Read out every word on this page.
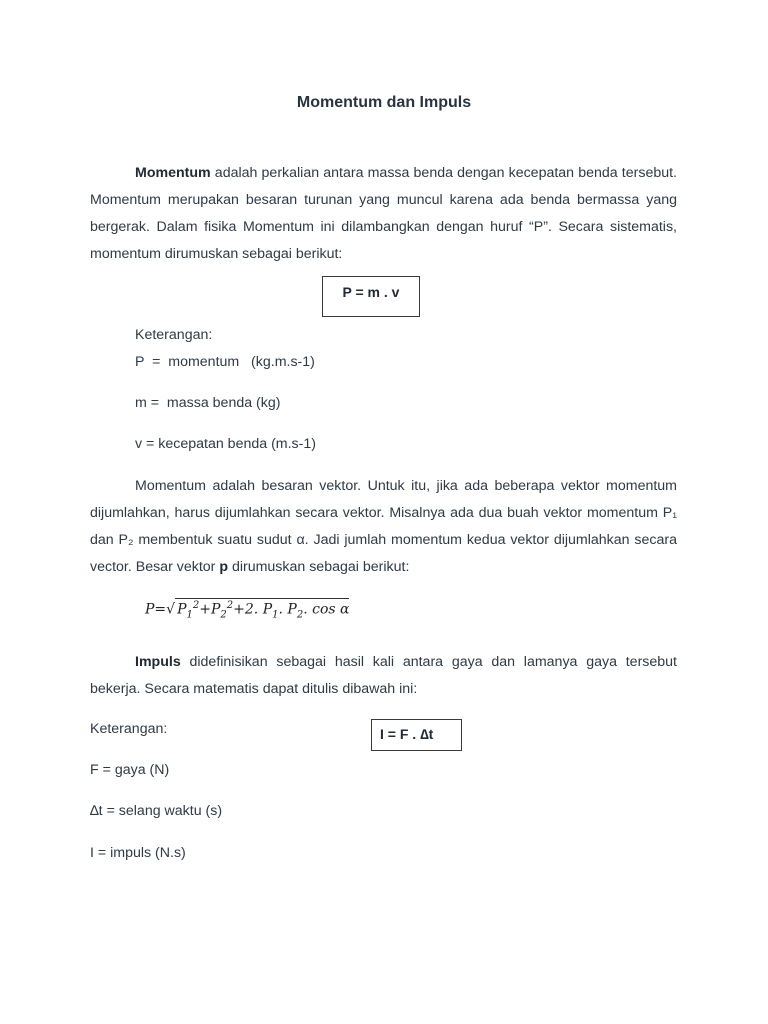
Momentum dan Impuls

Momentum adalah perkalian antara massa benda dengan kecepatan benda tersebut. Momentum merupakan besaran turunan yang muncul karena ada benda bermassa yang bergerak. Dalam fisika Momentum ini dilambangkan dengan huruf “P”. Secara sistematis, momentum dirumuskan sebagai berikut:

P = m . v
Keterangan:
P  =  momentum   (kg.m.s-1)
m =  massa benda (kg)
v = kecepatan benda (m.s-1)

Momentum adalah besaran vektor. Untuk itu, jika ada beberapa vektor momentum dijumlahkan, harus dijumlahkan secara vektor. Misalnya ada dua buah vektor momentum P₁ dan P₂ membentuk suatu sudut α. Jadi jumlah momentum kedua vektor dijumlahkan secara vector. Besar vektor p dirumuskan sebagai berikut:

P=√ $P_1^2+P_2^2+2$. $P_1$. $P_2$. cos α

Impuls didefinisikan sebagai hasil kali antara gaya dan lamanya gaya tersebut bekerja. Secara matematis dapat ditulis dibawah ini:

Keterangan:	I = F . ∆t
F = gaya (N)
∆t = selang waktu (s)
I = impuls (N.s)
